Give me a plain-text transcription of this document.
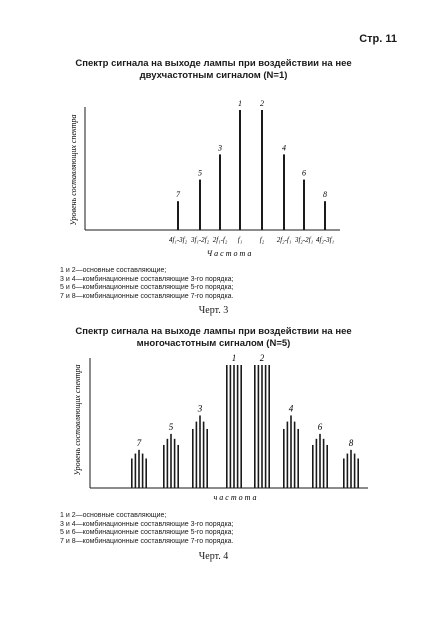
Стр. 11
Спектр сигнала на выходе лампы при воздействии на нее
двухчастотным сигналом (N=1)
Уровень составляющих спектра
Частота
7
4f₁-3f₂
5
3f₁-2f₂
3
2f₁-f₂
1
f₁
2
f₂
4
2f₂-f₁
6
3f₂-2f₁
8
4f₂-3f₁
1 и 2—основные составляющие;
3 и 4—комбинационные составляющие 3-го порядка;
5 и 6—комбинационные составляющие 5-го порядка;
7 и 8—комбинационные составляющие 7-го порядка.
Черт. 3
Спектр сигнала на выходе лампы при воздействии на нее
многочастотным сигналом (N=5)
Уровень составляющих спектра
частота
7
5
3
1	2
4
6
8
1 и 2—основные составляющие;
3 и 4—комбинационные составляющие 3-го порядка;
5 и 6—комбинационные составляющие 5-го порядка;
7 и 8—комбинационные составляющие 7-го порядка.
Черт. 4
